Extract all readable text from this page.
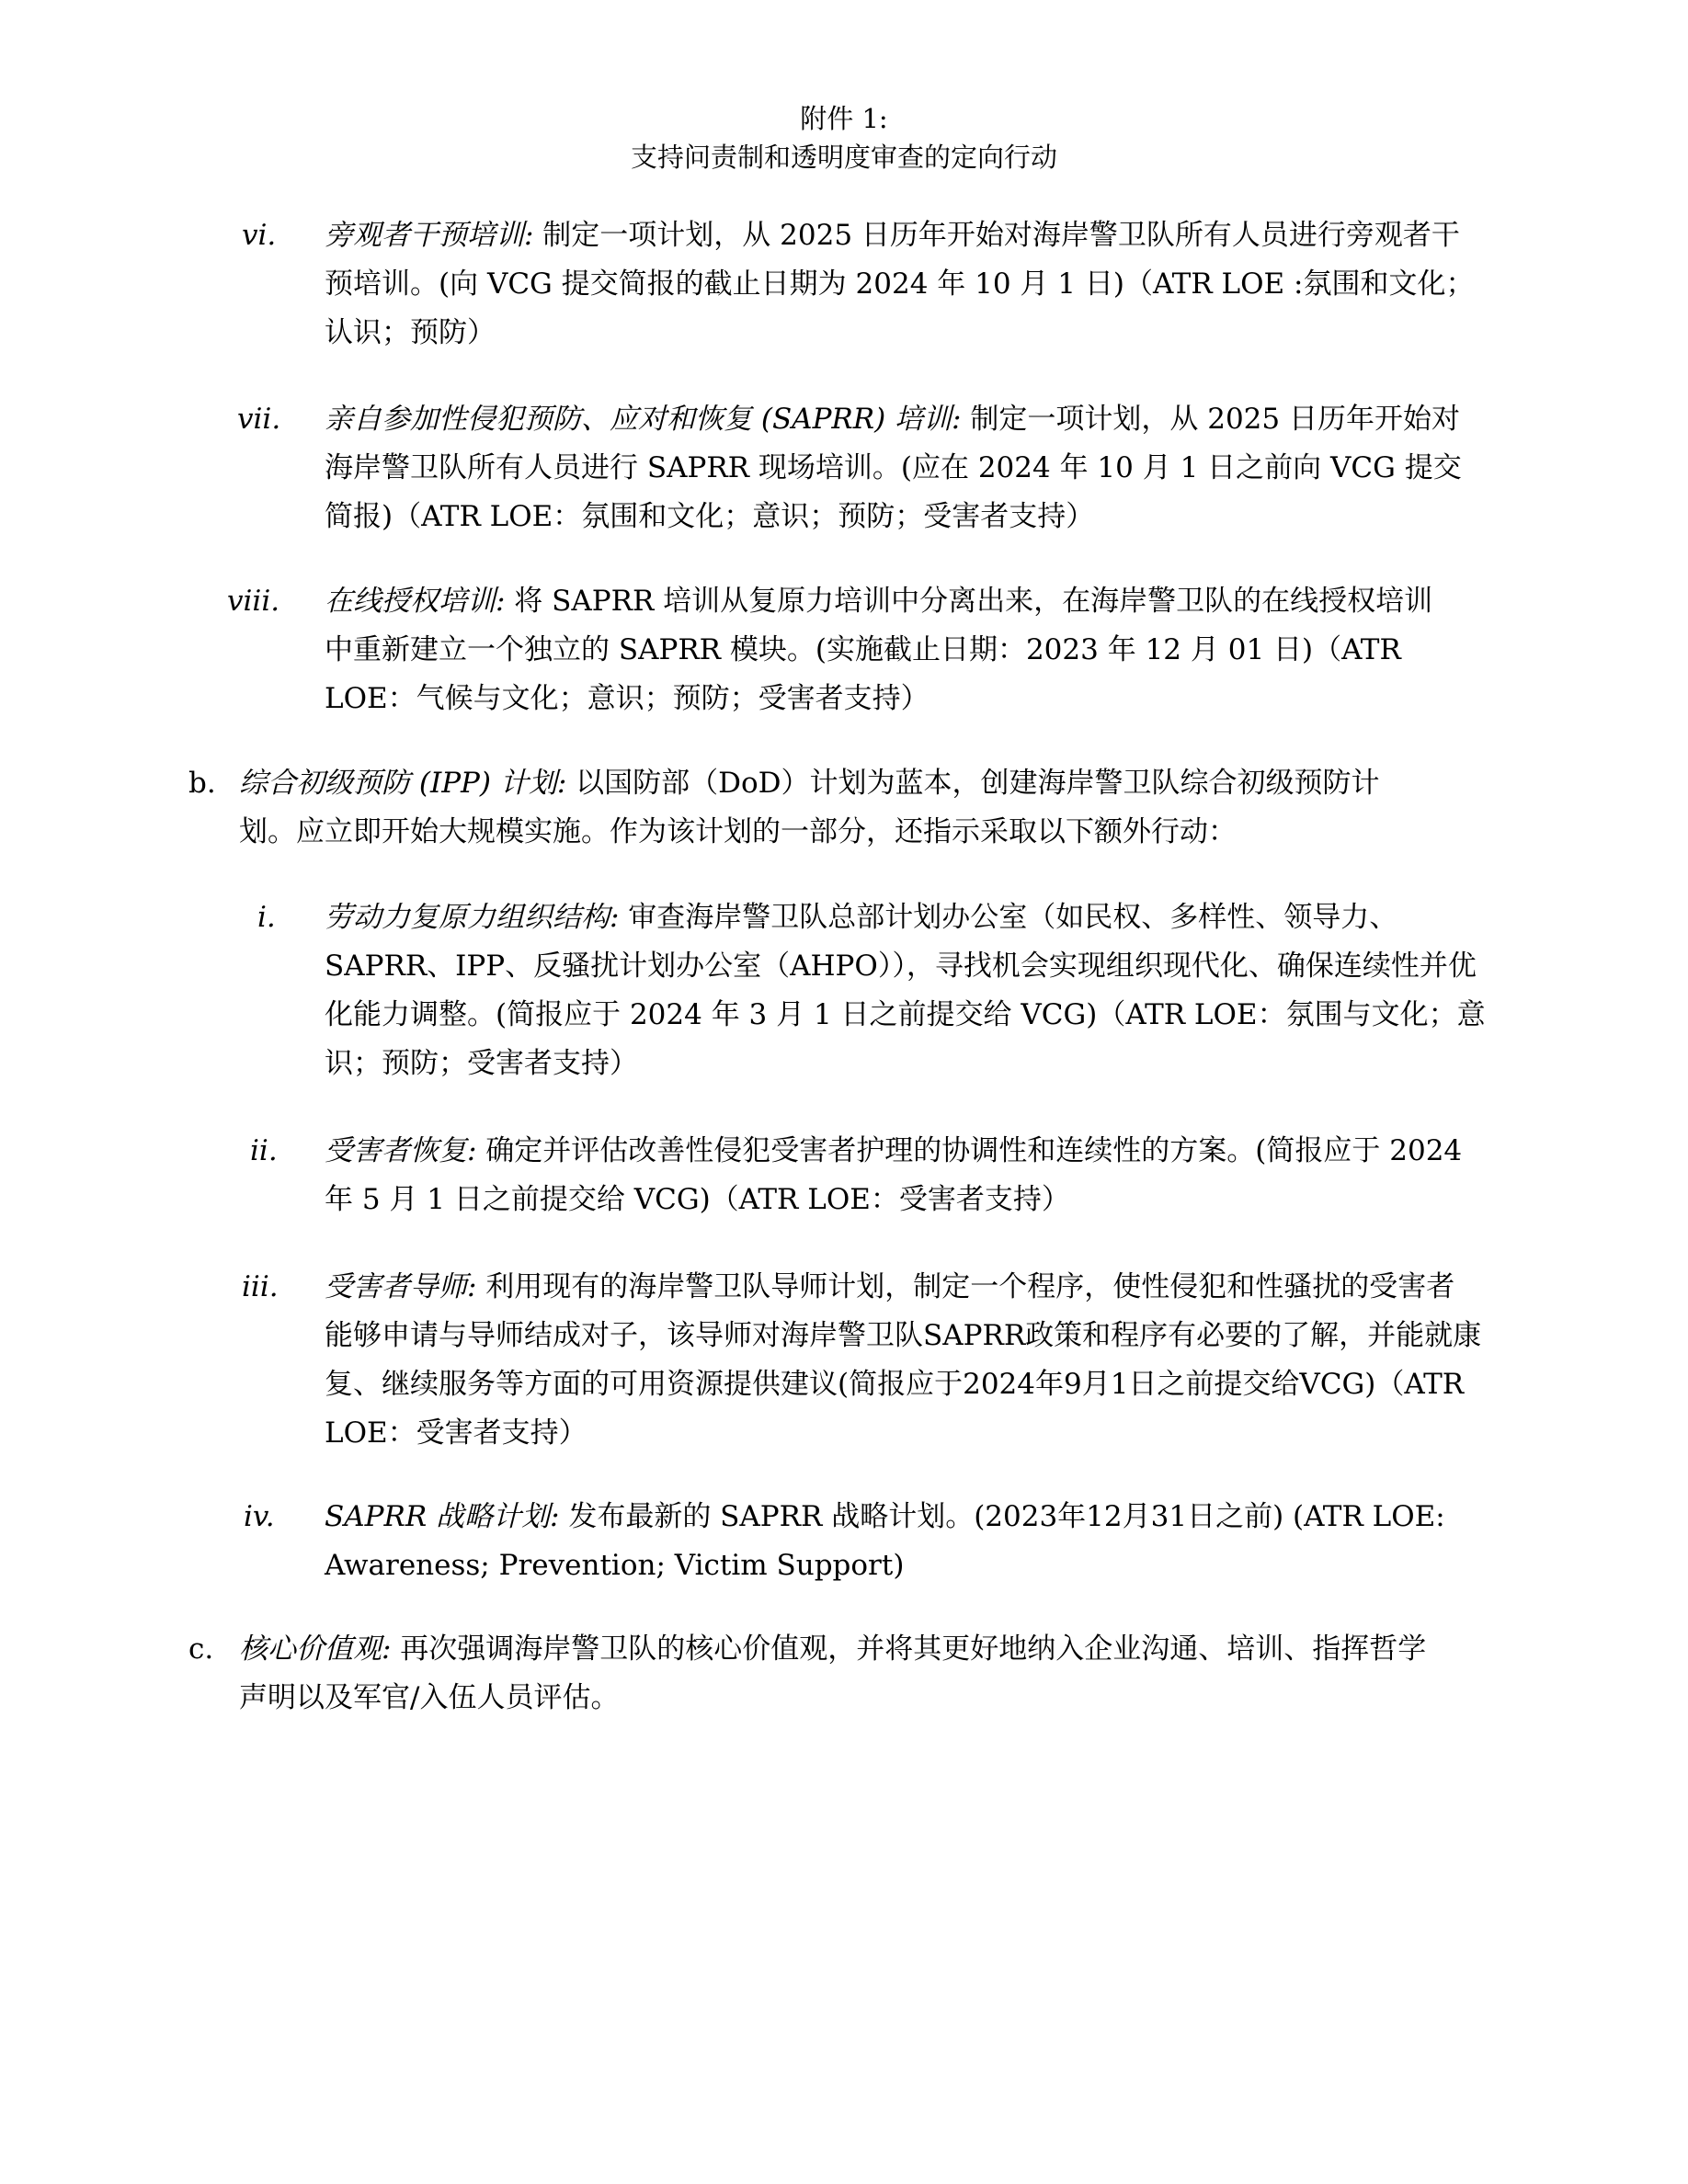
附件 1:
支持问责制和透明度审查的定向行动
vi. 旁观者干预培训: 制定一项计划，从 2025 日历年开始对海岸警卫队所有人员进行旁观者干预培训。(向 VCG 提交简报的截止日期为 2024 年 10 月 1 日)（ATR LOE :氛围和文化；认识；预防）
vii. 亲自参加性侵犯预防、应对和恢复 (SAPRR) 培训: 制定一项计划，从 2025 日历年开始对海岸警卫队所有人员进行 SAPRR 现场培训。(应在 2024 年 10 月 1 日之前向 VCG 提交简报)（ATR LOE：氛围和文化；意识；预防；受害者支持）
viii. 在线授权培训: 将 SAPRR 培训从复原力培训中分离出来，在海岸警卫队的在线授权培训中重新建立一个独立的 SAPRR 模块。(实施截止日期：2023 年 12 月 01 日)（ATR LOE：气候与文化；意识；预防；受害者支持）
b. 综合初级预防 (IPP) 计划: 以国防部（DoD）计划为蓝本，创建海岸警卫队综合初级预防计划。应立即开始大规模实施。作为该计划的一部分，还指示采取以下额外行动：
i. 劳动力复原力组织结构: 审查海岸警卫队总部计划办公室（如民权、多样性、领导力、SAPRR、IPP、反骚扰计划办公室（AHPO）），寻找机会实现组织现代化、确保连续性并优化能力调整。(简报应于 2024 年 3 月 1 日之前提交给 VCG)（ATR LOE：氛围与文化；意识；预防；受害者支持）
ii. 受害者恢复: 确定并评估改善性侵犯受害者护理的协调性和连续性的方案。(简报应于 2024 年 5 月 1 日之前提交给 VCG)（ATR LOE：受害者支持）
iii. 受害者导师: 利用现有的海岸警卫队导师计划，制定一个程序，使性侵犯和性骚扰的受害者能够申请与导师结成对子，该导师对海岸警卫队SAPRR政策和程序有必要的了解，并能就康复、继续服务等方面的可用资源提供建议(简报应于2024年9月1日之前提交给VCG)（ATR LOE：受害者支持）
iv. SAPRR 战略计划: 发布最新的 SAPRR 战略计划。(2023年12月31日之前) (ATR LOE: Awareness; Prevention; Victim Support)
c. 核心价值观: 再次强调海岸警卫队的核心价值观，并将其更好地纳入企业沟通、培训、指挥哲学声明以及军官/入伍人员评估。
